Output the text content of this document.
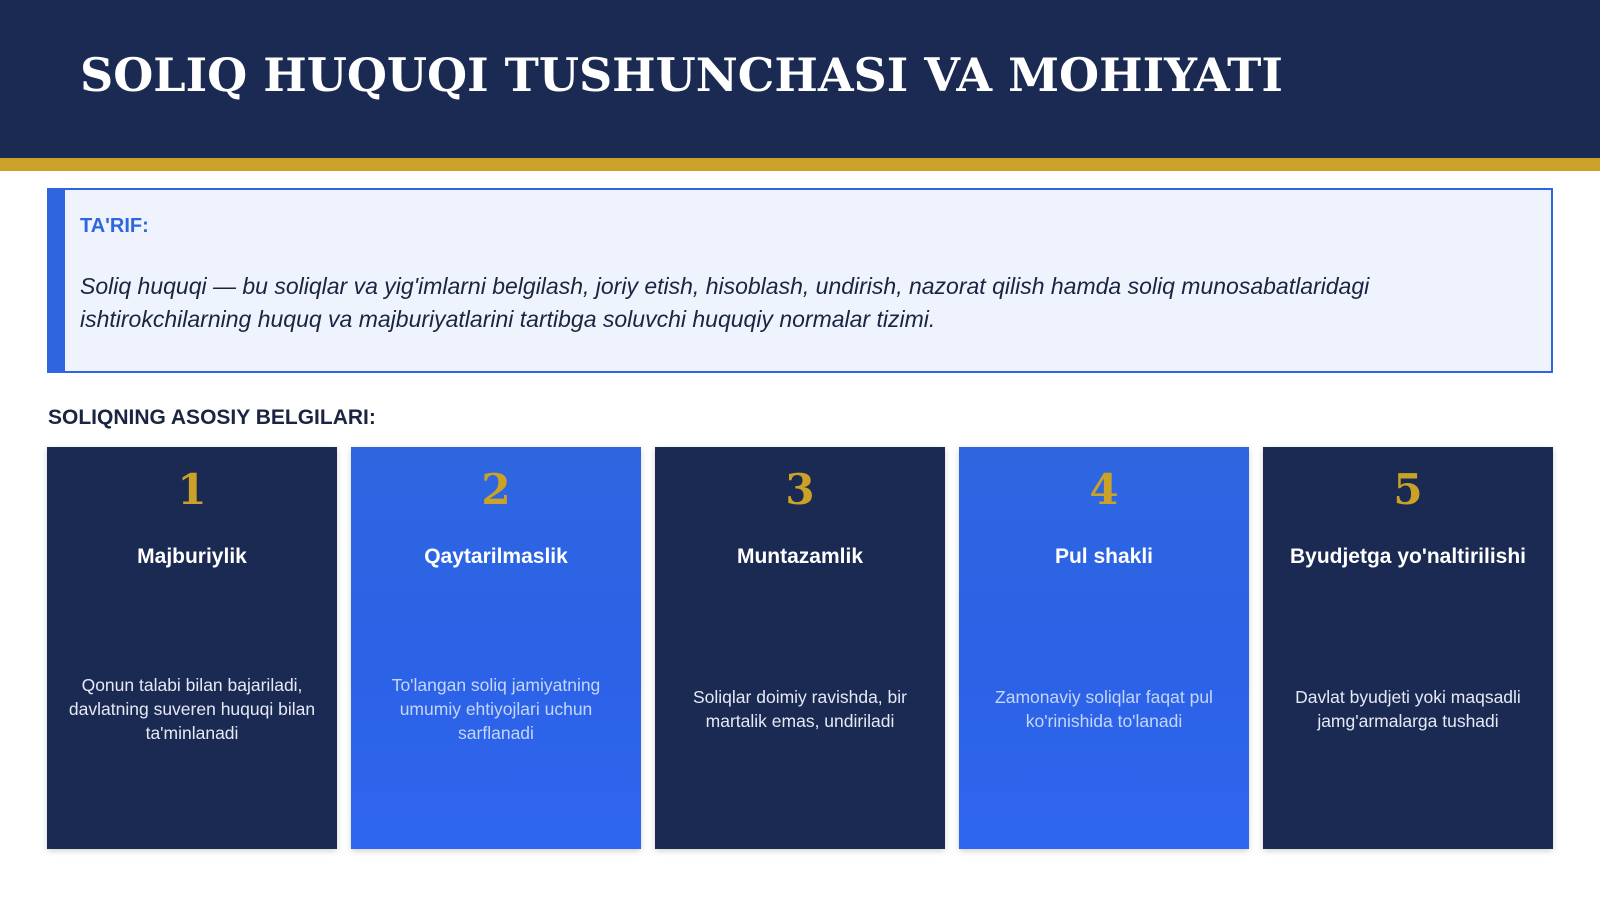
SOLIQ HUQUQI TUSHUNCHASI VA MOHIYATI
TA'RIF:

Soliq huquqi — bu soliqlar va yig'imlarni belgilash, joriy etish, hisoblash, undirish, nazorat qilish hamda soliq munosabatlaridagi ishtirokchilarning huquq va majburiyatlarini tartibga soluvchi huquqiy normalar tizimi.

SOLIQNING ASOSIY BELGILARI:
1
Majburiylik
Qonun talabi bilan bajariladi, davlatning suveren huquqi bilan ta'minlanadi
2
Qaytarilmaslik
To'langan soliq jamiyatning umumiy ehtiyojlari uchun sarflanadi
3
Muntazamlik
Soliqlar doimiy ravishda, bir martalik emas, undiriladi
4
Pul shakli
Zamonaviy soliqlar faqat pul ko'rinishida to'lanadi
5
Byudjetga yo'naltirilishi
Davlat byudjeti yoki maqsadli jamg'armalarga tushadi
